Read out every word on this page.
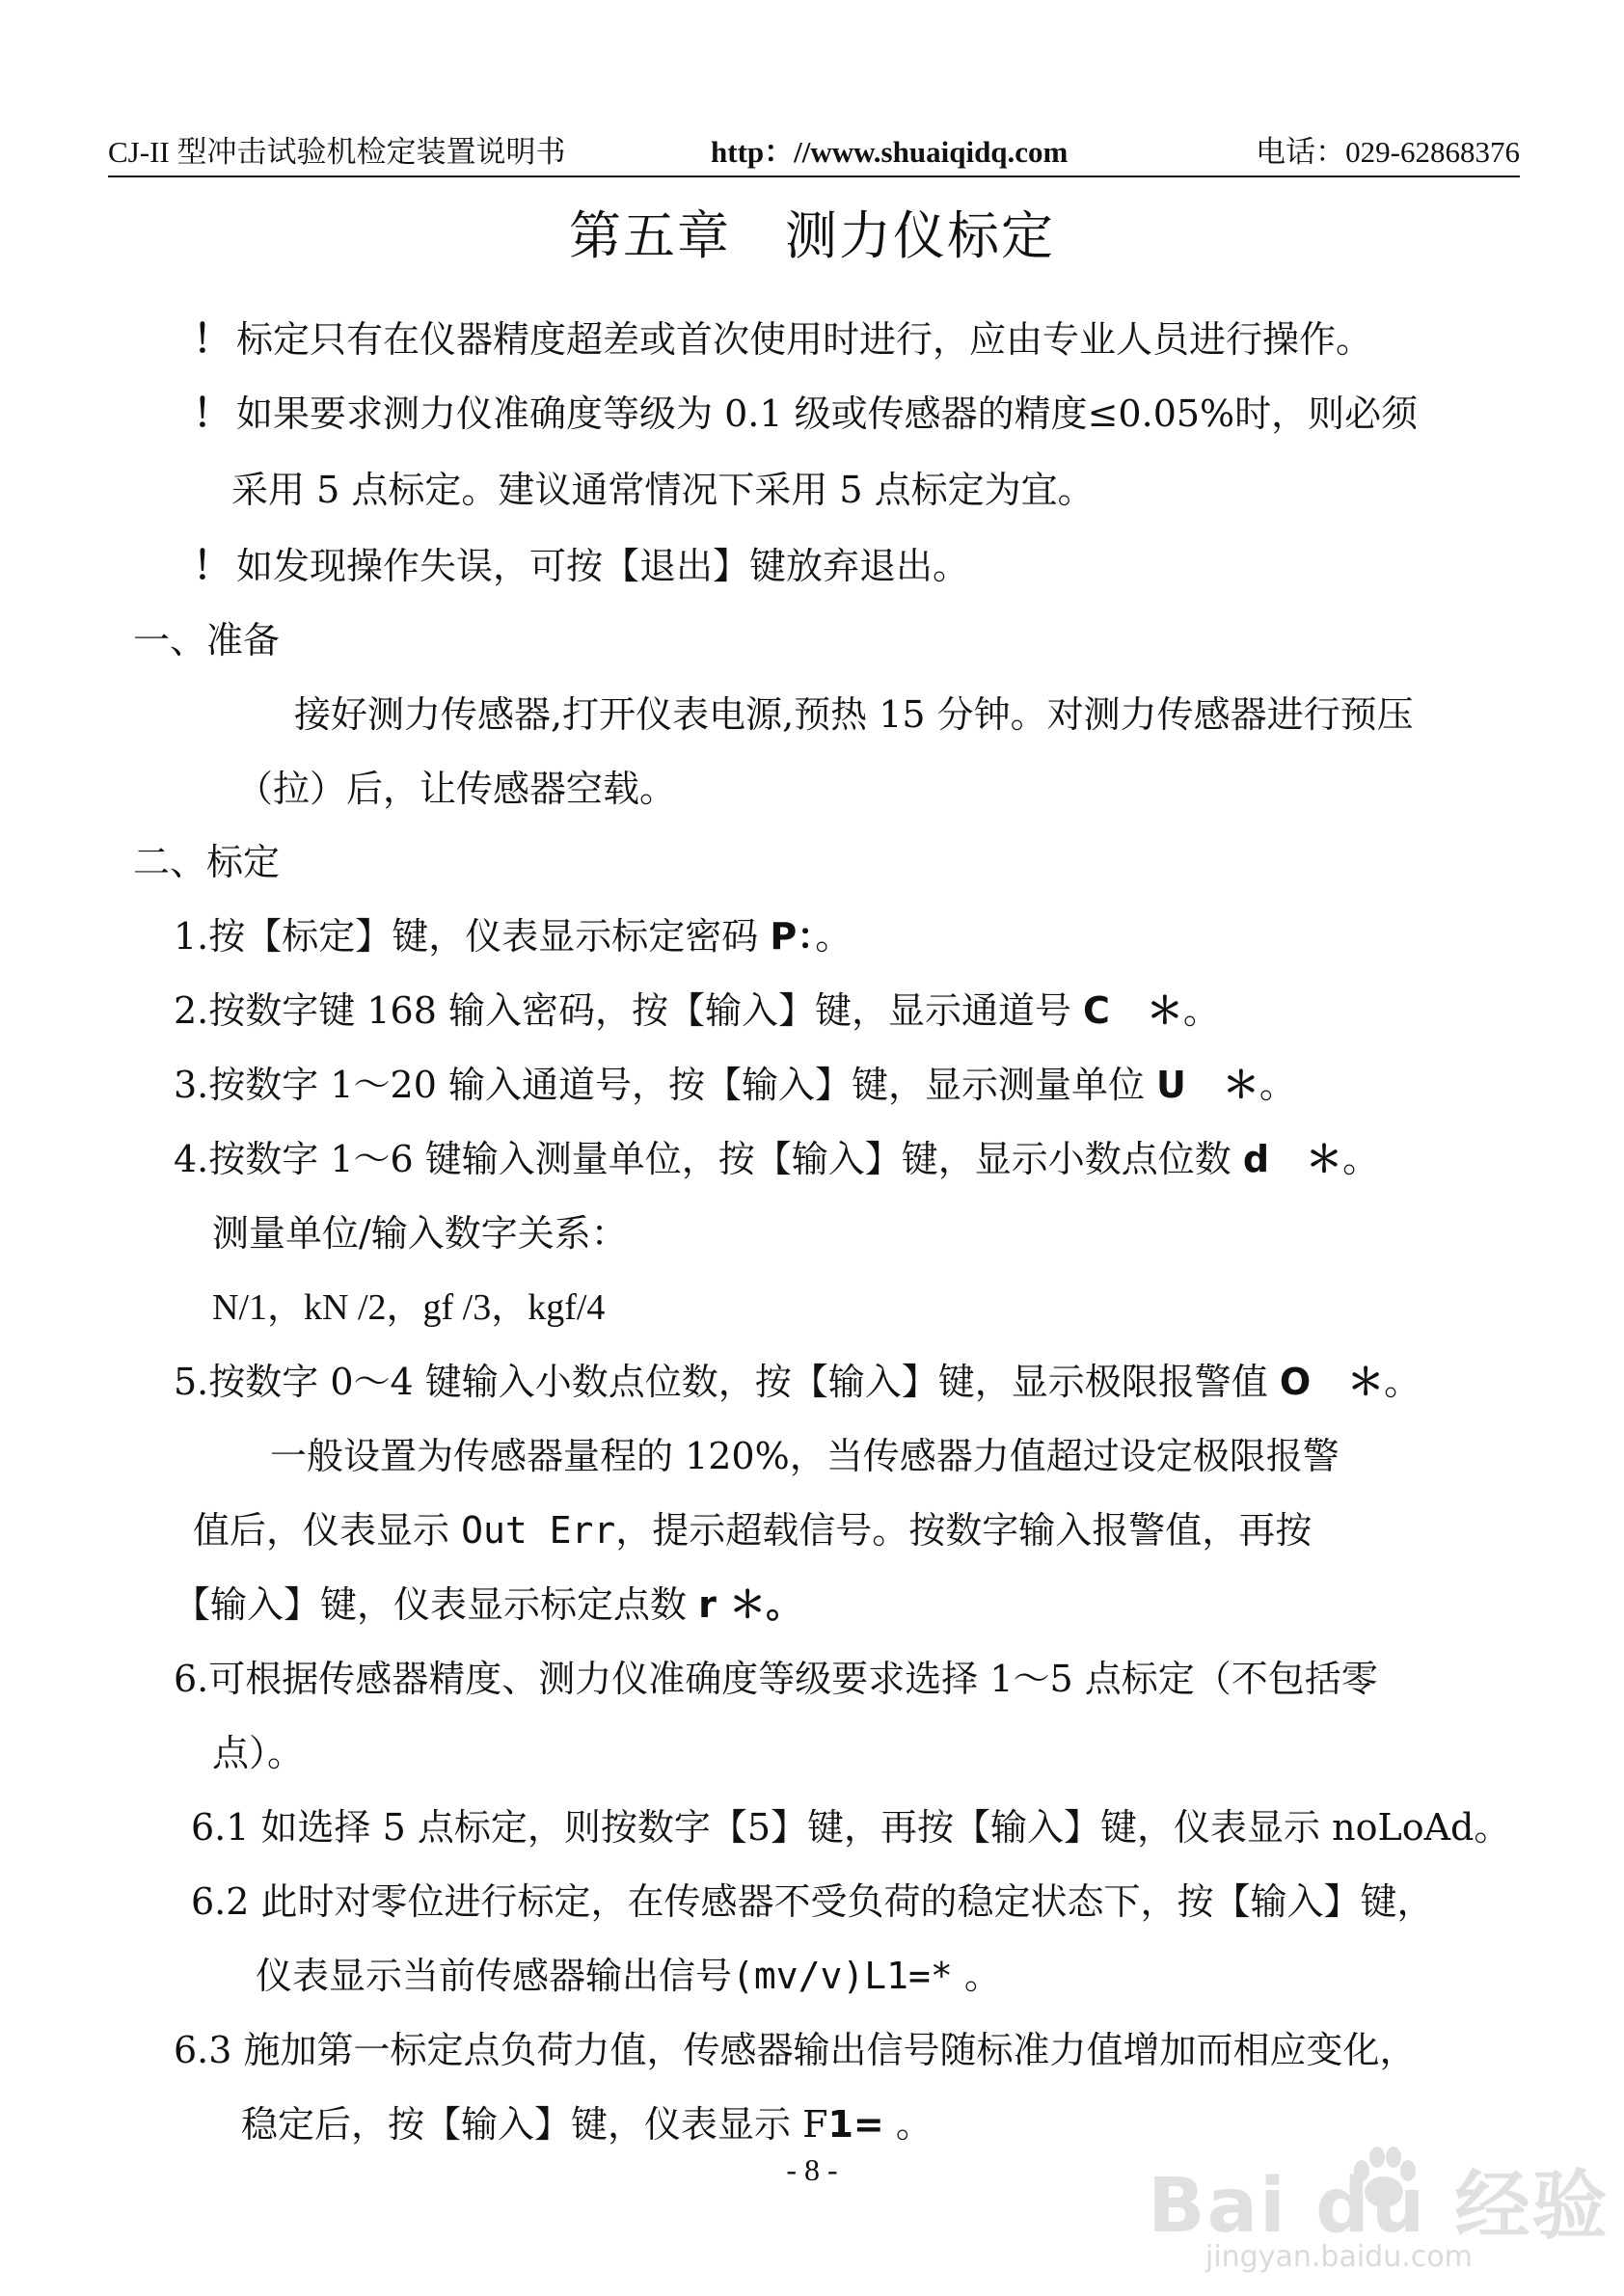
CJ-II 型冲击试验机检定装置说明书	http：//www.shuaiqidq.com	电话：029-62868376
第五章　测力仪标定
！ 标定只有在仪器精度超差或首次使用时进行，应由专业人员进行操作。
！ 如果要求测力仪准确度等级为 0.1 级或传感器的精度≤0.05%时，则必须
采用 5 点标定。建议通常情况下采用 5 点标定为宜。
！ 如发现操作失误，可按【退出】键放弃退出。
一、准备
接好测力传感器,打开仪表电源,预热 15 分钟。对测力传感器进行预压
（拉）后，让传感器空载。
二、标定
1.按【标定】键，仪表显示标定密码 P：。
2.按数字键 168 输入密码，按【输入】键，显示通道号 C　＊。
3.按数字 1～20 输入通道号，按【输入】键，显示测量单位 U　＊。
4.按数字 1～6 键输入测量单位，按【输入】键，显示小数点位数 d　＊。
测量单位/输入数字关系：
N/1，kN /2，gf /3，kgf/4
5.按数字 0～4 键输入小数点位数，按【输入】键，显示极限报警值 O　＊。
一般设置为传感器量程的 120%，当传感器力值超过设定极限报警
值后，仪表显示 Out Err，提示超载信号。按数字输入报警值，再按
【输入】键，仪表显示标定点数 r ＊。
6.可根据传感器精度、测力仪准确度等级要求选择 1～5 点标定（不包括零
点）。
6.1 如选择 5 点标定，则按数字【5】键，再按【输入】键，仪表显示 noLoAd。
6.2 此时对零位进行标定，在传感器不受负荷的稳定状态下，按【输入】键，
仪表显示当前传感器输出信号(mv/v)L1=* 。
6.3 施加第一标定点负荷力值，传感器输出信号随标准力值增加而相应变化，
稳定后，按【输入】键，仪表显示 F1= 。
- 8 -	Bai du 经验
jingyan.baidu.com
